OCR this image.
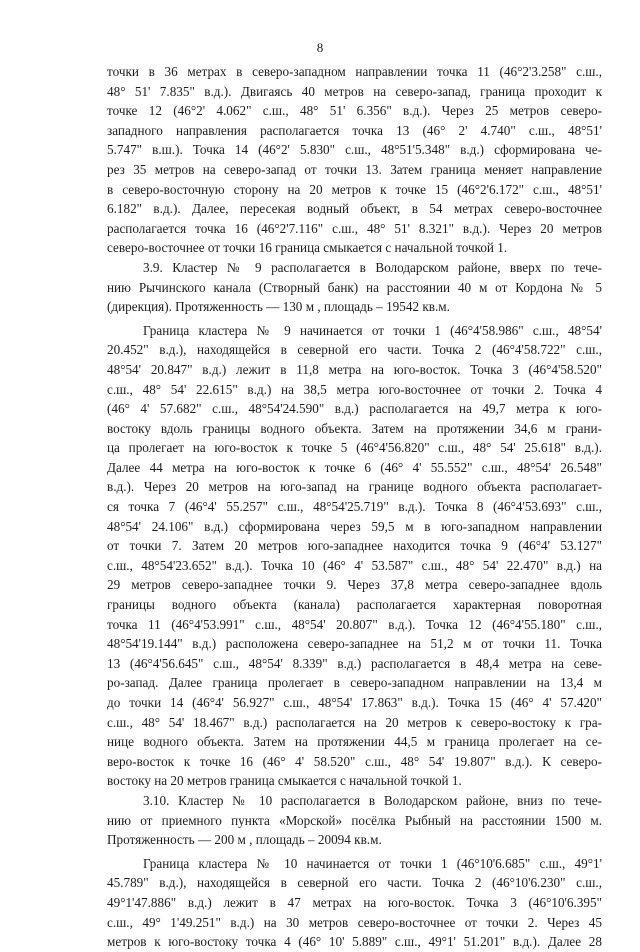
8
точки в 36 метрах в северо-западном направлении точка 11 (46°2'3.258" с.ш.,
48° 51' 7.835" в.д.). Двигаясь 40 метров на северо-запад, граница проходит к
точке 12 (46°2' 4.062" с.ш., 48° 51' 6.356" в.д.). Через 25 метров северо-
западного направления располагается точка 13 (46° 2' 4.740" с.ш., 48°51'
5.747" в.ш.). Точка 14 (46°2' 5.830" с.ш., 48°51'5.348" в.д.) сформирована че-
рез 35 метров на северо-запад от точки 13. Затем граница меняет направление
в северо-восточную сторону на 20 метров к точке 15 (46°2'6.172" с.ш., 48°51'
6.182" в.д.). Далее, пересекая водный объект, в 54 метрах северо-восточнее
располагается точка 16 (46°2'7.116" с.ш., 48° 51' 8.321" в.д.). Через 20 метров
северо-восточнее от точки 16 граница смыкается с начальной точкой 1.
3.9. Кластер № 9 располагается в Володарском районе, вверх по тече-
нию Рычинского канала (Створный банк) на расстоянии 40 м от Кордона № 5
(дирекция). Протяженность — 130 м , площадь – 19542 кв.м.
Граница кластера № 9 начинается от точки 1 (46°4'58.986" с.ш., 48°54'
20.452" в.д.), находящейся в северной его части. Точка 2 (46°4'58.722" с.ш.,
48°54' 20.847" в.д.) лежит в 11,8 метра на юго-восток. Точка 3 (46°4'58.520"
с.ш., 48° 54' 22.615" в.д.) на 38,5 метра юго-восточнее от точки 2. Точка 4
(46° 4' 57.682" с.ш., 48°54'24.590" в.д.) располагается на 49,7 метра к юго-
востоку вдоль границы водного объекта. Затем на протяжении 34,6 м грани-
ца пролегает на юго-восток к точке 5 (46°4'56.820" с.ш., 48° 54' 25.618" в.д.).
Далее 44 метра на юго-восток к точке 6 (46° 4' 55.552" с.ш., 48°54' 26.548"
в.д.). Через 20 метров на юго-запад на границе водного объекта располагает-
ся точка 7 (46°4' 55.257" с.ш., 48°54'25.719" в.д.). Точка 8 (46°4'53.693" с.ш.,
48°54' 24.106" в.д.) сформирована через 59,5 м в юго-западном направлении
от точки 7. Затем 20 метров юго-западнее находится точка 9 (46°4' 53.127"
с.ш., 48°54'23.652" в.д.). Точка 10 (46° 4' 53.587" с.ш., 48° 54' 22.470" в.д.) на
29 метров северо-западнее точки 9. Через 37,8 метра северо-западнее вдоль
границы водного объекта (канала) располагается характерная поворотная
точка 11 (46°4'53.991" с.ш., 48°54' 20.807" в.д.). Точка 12 (46°4'55.180" с.ш.,
48°54'19.144" в.д.) расположена северо-западнее на 51,2 м от точки 11. Точка
13 (46°4'56.645" с.ш., 48°54' 8.339" в.д.) располагается в 48,4 метра на севе-
ро-запад. Далее граница пролегает в северо-западном направлении на 13,4 м
до точки 14 (46°4' 56.927" с.ш., 48°54' 17.863" в.д.). Точка 15 (46° 4' 57.420"
с.ш., 48° 54' 18.467" в.д.) располагается на 20 метров к северо-востоку к гра-
нице водного объекта. Затем на протяжении 44,5 м граница пролегает на се-
веро-восток к точке 16 (46° 4' 58.520" с.ш., 48° 54' 19.807" в.д.). К северо-
востоку на 20 метров граница смыкается с начальной точкой 1.
3.10. Кластер № 10 располагается в Володарском районе, вниз по тече-
нию от приемного пункта «Морской» посёлка Рыбный на расстоянии 1500 м.
Протяженность — 200 м , площадь – 20094 кв.м.
Граница кластера № 10 начинается от точки 1 (46°10'6.685" с.ш., 49°1'
45.789" в.д.), находящейся в северной его части. Точка 2 (46°10'6.230" с.ш.,
49°1'47.886" в.д.) лежит в 47 метрах на юго-восток. Точка 3 (46°10'6.395"
с.ш., 49° 1'49.251" в.д.) на 30 метров северо-восточнее от точки 2. Через 45
метров к юго-востоку точка 4 (46° 10' 5.889" с.ш., 49°1' 51.201" в.д.). Далее 28
